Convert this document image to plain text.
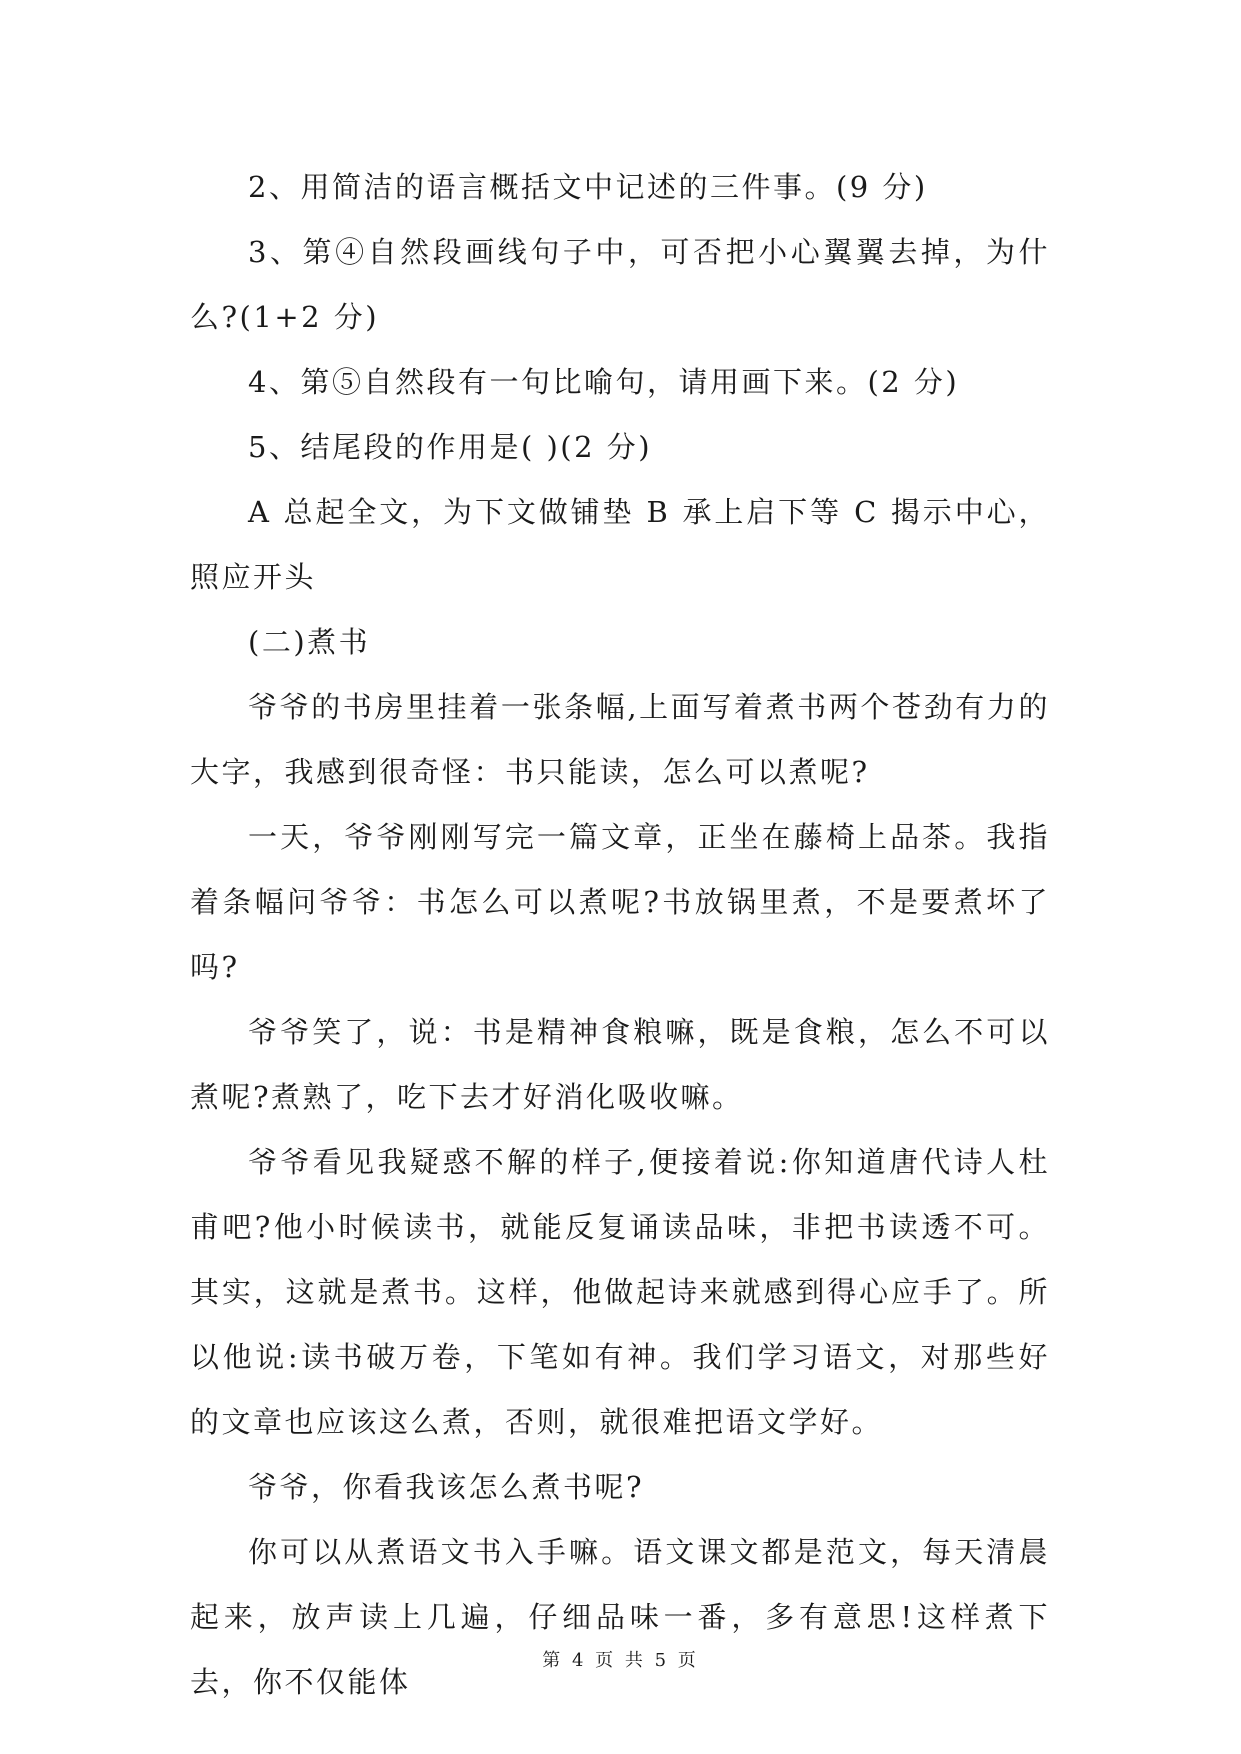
2、用简洁的语言概括文中记述的三件事。(9 分)

3、第④自然段画线句子中，可否把小心翼翼去掉，为什么?(1+2 分)

4、第⑤自然段有一句比喻句，请用画下来。(2 分)

5、结尾段的作用是( )(2 分)

A 总起全文，为下文做铺垫 B 承上启下等 C 揭示中心，照应开头

(二)煮书

爷爷的书房里挂着一张条幅,上面写着煮书两个苍劲有力的大字，我感到很奇怪：书只能读，怎么可以煮呢?

一天，爷爷刚刚写完一篇文章，正坐在藤椅上品茶。我指着条幅问爷爷：书怎么可以煮呢?书放锅里煮，不是要煮坏了吗?

爷爷笑了，说：书是精神食粮嘛，既是食粮，怎么不可以煮呢?煮熟了，吃下去才好消化吸收嘛。

爷爷看见我疑惑不解的样子,便接着说:你知道唐代诗人杜甫吧?他小时候读书，就能反复诵读品味，非把书读透不可。其实，这就是煮书。这样，他做起诗来就感到得心应手了。所以他说:读书破万卷，下笔如有神。我们学习语文，对那些好的文章也应该这么煮，否则，就很难把语文学好。

爷爷，你看我该怎么煮书呢?

你可以从煮语文书入手嘛。语文课文都是范文，每天清晨起来，放声读上几遍，仔细品味一番，多有意思!这样煮下去，你不仅能体

第 4 页 共 5 页
